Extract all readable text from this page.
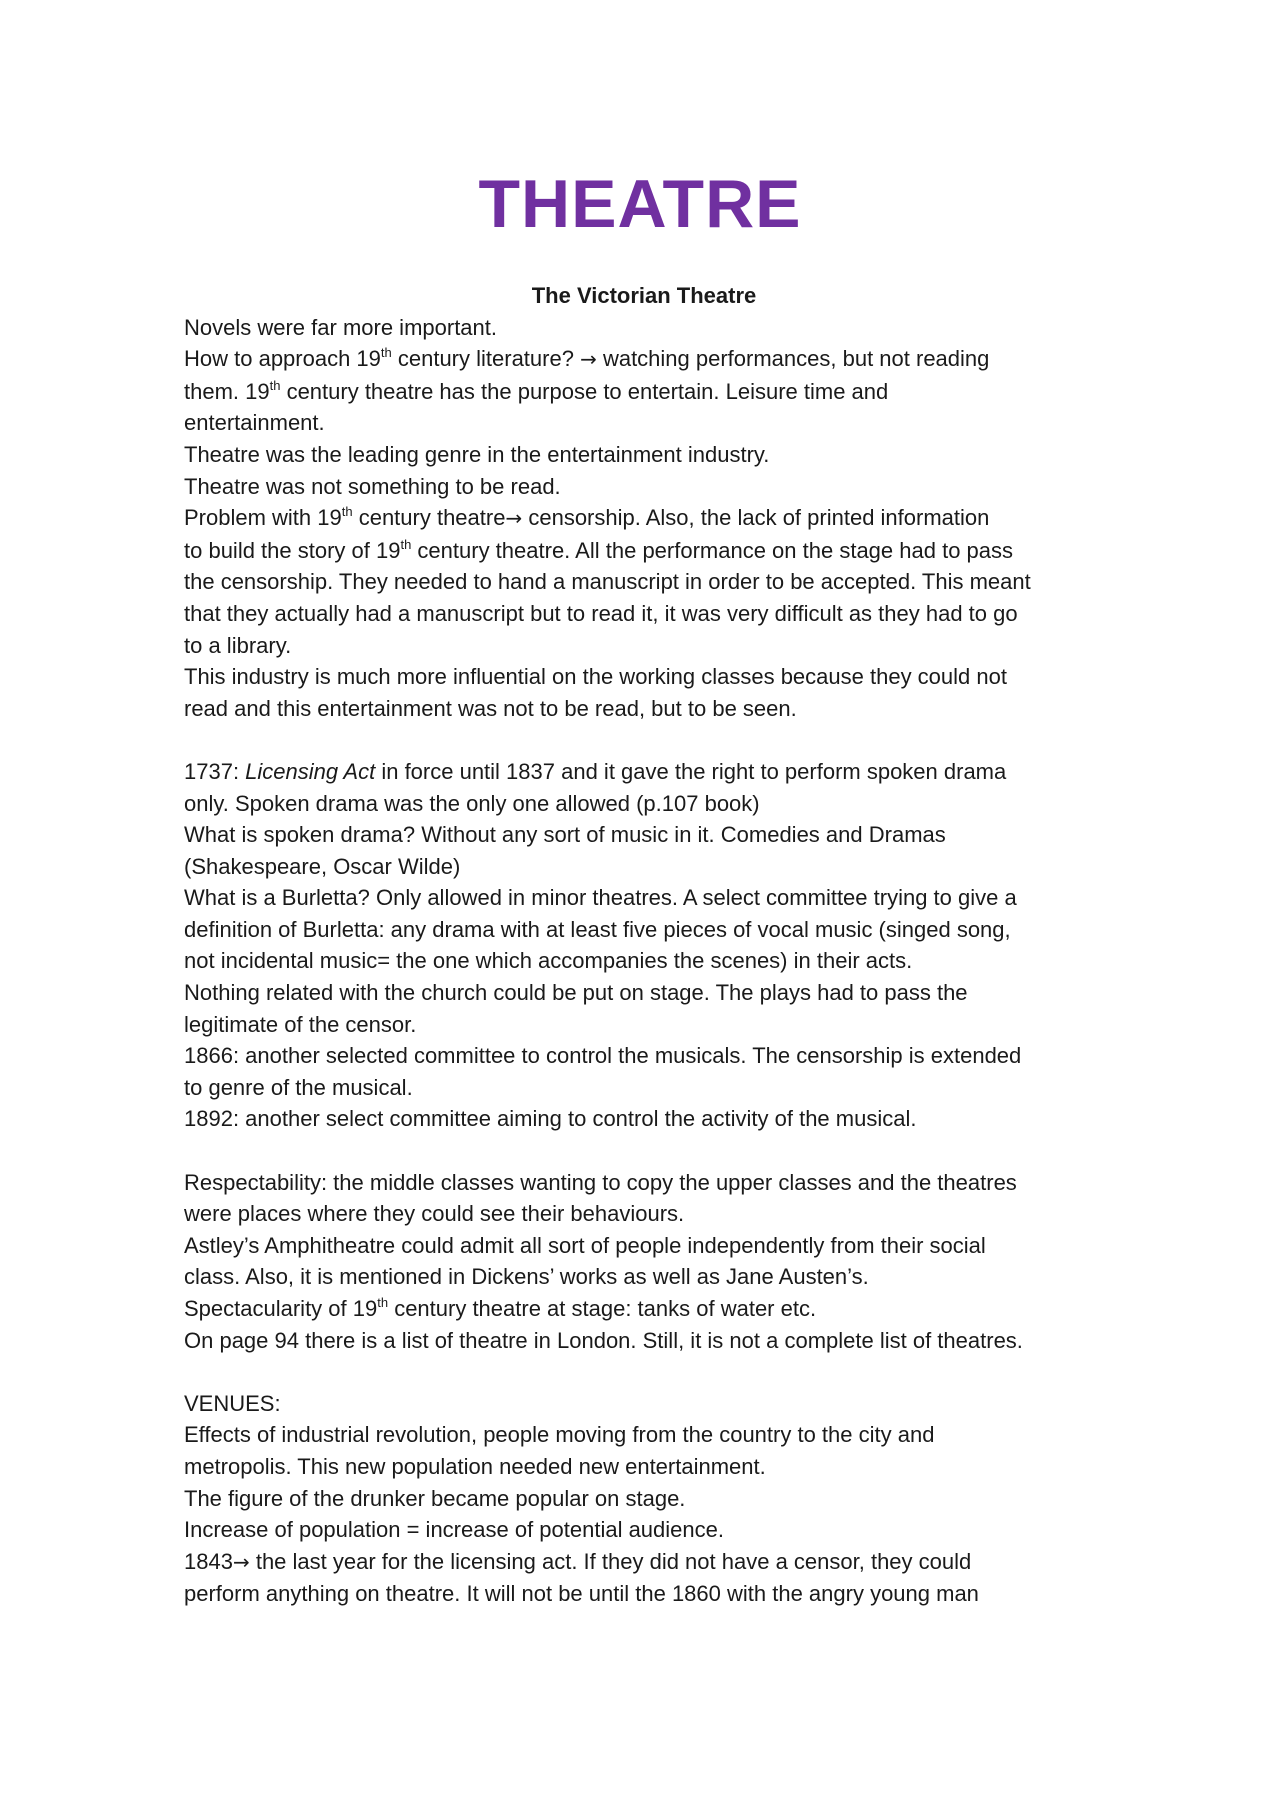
THEATRE

The Victorian Theatre

Novels were far more important.

How to approach 19th century literature? → watching performances, but not reading

them. 19th century theatre has the purpose to entertain. Leisure time and

entertainment.

Theatre was the leading genre in the entertainment industry.

Theatre was not something to be read.

Problem with 19th century theatre→ censorship. Also, the lack of printed information

to build the story of 19th century theatre. All the performance on the stage had to pass

the censorship. They needed to hand a manuscript in order to be accepted. This meant

that they actually had a manuscript but to read it, it was very difficult as they had to go

to a library.

This industry is much more influential on the working classes because they could not

read and this entertainment was not to be read, but to be seen.

1737: Licensing Act in force until 1837 and it gave the right to perform spoken drama

only. Spoken drama was the only one allowed (p.107 book)

What is spoken drama? Without any sort of music in it. Comedies and Dramas

(Shakespeare, Oscar Wilde)

What is a Burletta? Only allowed in minor theatres. A select committee trying to give a

definition of Burletta: any drama with at least five pieces of vocal music (singed song,

not incidental music= the one which accompanies the scenes) in their acts.

Nothing related with the church could be put on stage. The plays had to pass the

legitimate of the censor.

1866: another selected committee to control the musicals. The censorship is extended

to genre of the musical.

1892: another select committee aiming to control the activity of the musical.

Respectability: the middle classes wanting to copy the upper classes and the theatres

were places where they could see their behaviours.

Astley’s Amphitheatre could admit all sort of people independently from their social

class. Also, it is mentioned in Dickens’ works as well as Jane Austen’s.

Spectacularity of 19th century theatre at stage: tanks of water etc.

On page 94 there is a list of theatre in London. Still, it is not a complete list of theatres.

VENUES:

Effects of industrial revolution, people moving from the country to the city and

metropolis. This new population needed new entertainment.

The figure of the drunker became popular on stage.

Increase of population = increase of potential audience.

1843→ the last year for the licensing act. If they did not have a censor, they could

perform anything on theatre. It will not be until the 1860 with the angry young man
